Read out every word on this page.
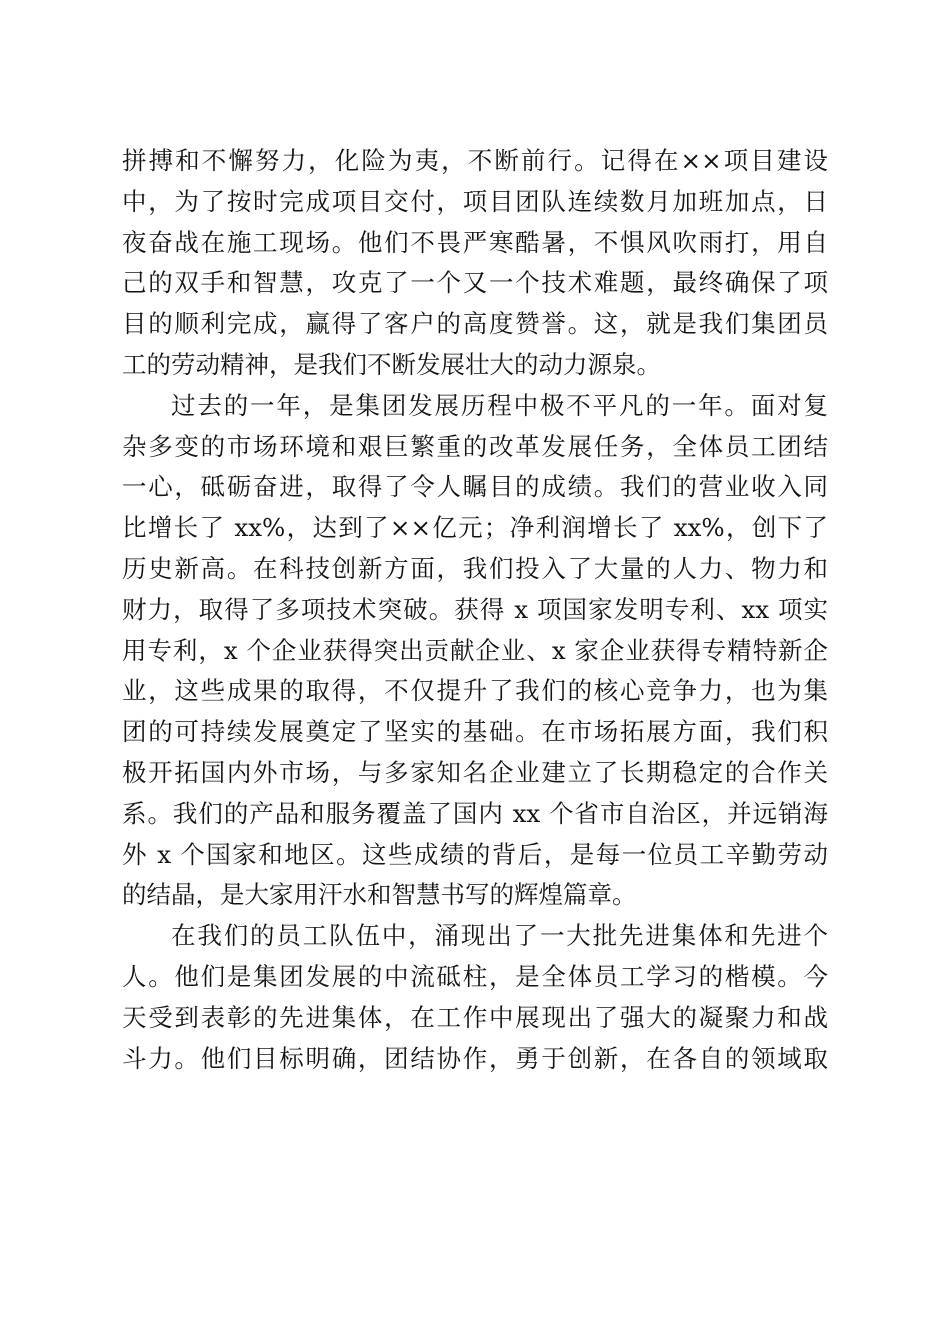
拼搏和不懈努力，化险为夷，不断前行。记得在××项目建设
中，为了按时完成项目交付，项目团队连续数月加班加点，日
夜奋战在施工现场。他们不畏严寒酷暑，不惧风吹雨打，用自
己的双手和智慧，攻克了一个又一个技术难题，最终确保了项
目的顺利完成，赢得了客户的高度赞誉。这，就是我们集团员
工的劳动精神，是我们不断发展壮大的动力源泉。
过去的一年，是集团发展历程中极不平凡的一年。面对复
杂多变的市场环境和艰巨繁重的改革发展任务，全体员工团结
一心，砥砺奋进，取得了令人瞩目的成绩。我们的营业收入同
比增长了 xx%，达到了××亿元；净利润增长了 xx%，创下了
历史新高。在科技创新方面，我们投入了大量的人力、物力和
财力，取得了多项技术突破。获得 x 项国家发明专利、xx 项实
用专利，x 个企业获得突出贡献企业、x 家企业获得专精特新企
业，这些成果的取得，不仅提升了我们的核心竞争力，也为集
团的可持续发展奠定了坚实的基础。在市场拓展方面，我们积
极开拓国内外市场，与多家知名企业建立了长期稳定的合作关
系。我们的产品和服务覆盖了国内 xx 个省市自治区，并远销海
外 x 个国家和地区。这些成绩的背后，是每一位员工辛勤劳动
的结晶，是大家用汗水和智慧书写的辉煌篇章。
在我们的员工队伍中，涌现出了一大批先进集体和先进个
人。他们是集团发展的中流砥柱，是全体员工学习的楷模。今
天受到表彰的先进集体，在工作中展现出了强大的凝聚力和战
斗力。他们目标明确，团结协作，勇于创新，在各自的领域取
